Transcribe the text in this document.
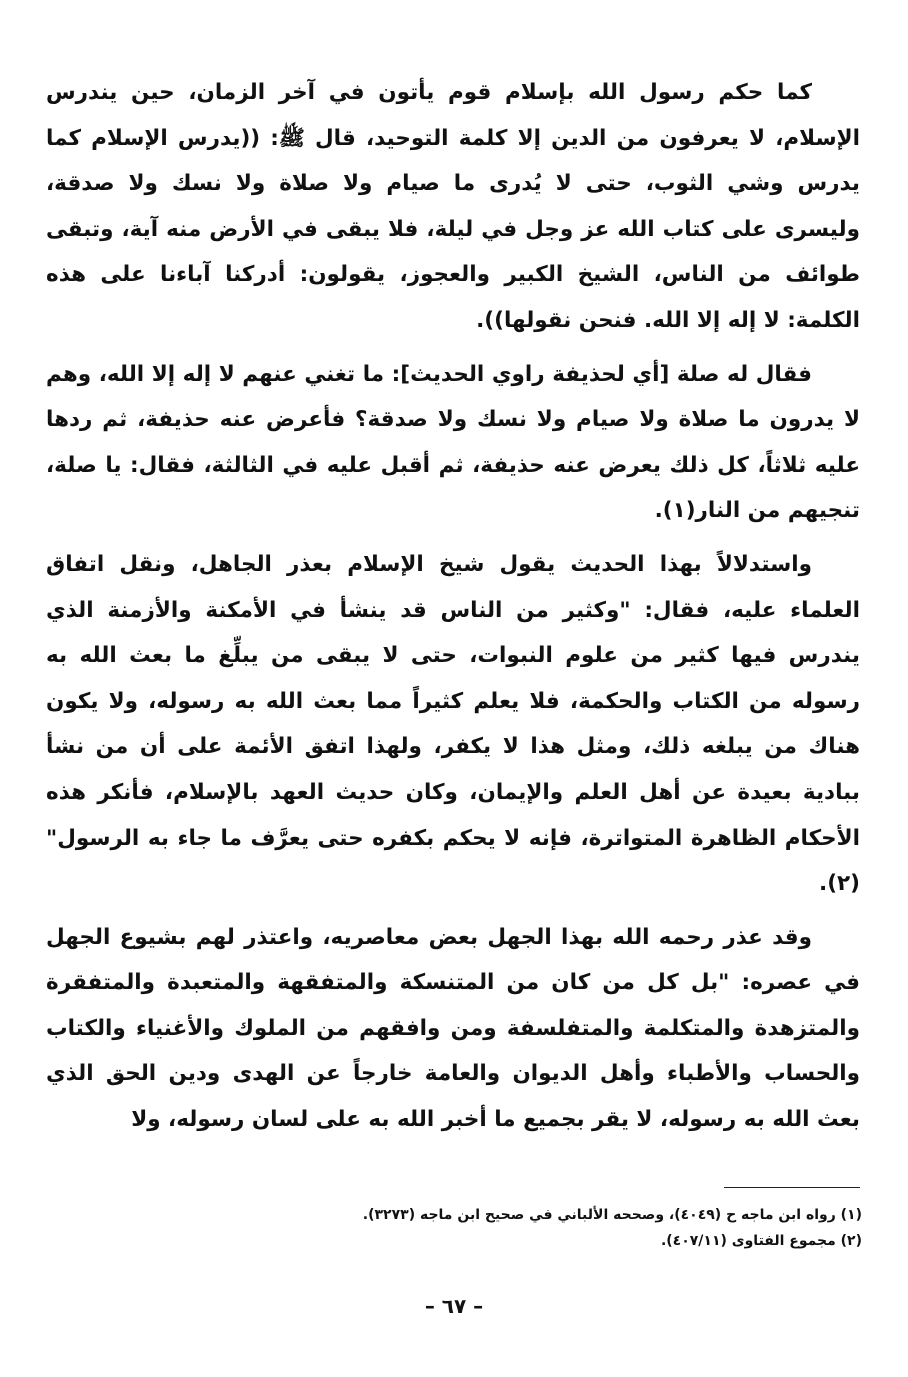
كما حكم رسول الله بإسلام قوم يأتون في آخر الزمان، حين يندرس الإسلام، لا يعرفون من الدين إلا كلمة التوحيد، قال ﷺ: ((يدرس الإسلام كما يدرس وشي الثوب، حتى لا يُدرى ما صيام ولا صلاة ولا نسك ولا صدقة، وليسرى على كتاب الله عز وجل في ليلة، فلا يبقى في الأرض منه آية، وتبقى طوائف من الناس، الشيخ الكبير والعجوز، يقولون: أدركنا آباءنا على هذه الكلمة: لا إله إلا الله. فنحن نقولها)).

فقال له صلة [أي لحذيفة راوي الحديث]: ما تغني عنهم لا إله إلا الله، وهم لا يدرون ما صلاة ولا صيام ولا نسك ولا صدقة؟ فأعرض عنه حذيفة، ثم ردها عليه ثلاثاً، كل ذلك يعرض عنه حذيفة، ثم أقبل عليه في الثالثة، فقال: يا صلة، تنجيهم من النار(١).

واستدلالاً بهذا الحديث يقول شيخ الإسلام بعذر الجاهل، ونقل اتفاق العلماء عليه، فقال: "وكثير من الناس قد ينشأ في الأمكنة والأزمنة الذي يندرس فيها كثير من علوم النبوات، حتى لا يبقى من يبلِّغ ما بعث الله به رسوله من الكتاب والحكمة، فلا يعلم كثيراً مما بعث الله به رسوله، ولا يكون هناك من يبلغه ذلك، ومثل هذا لا يكفر، ولهذا اتفق الأئمة على أن من نشأ ببادية بعيدة عن أهل العلم والإيمان، وكان حديث العهد بالإسلام، فأنكر هذه الأحكام الظاهرة المتواترة، فإنه لا يحكم بكفره حتى يعرَّف ما جاء به الرسول"(٢).

وقد عذر رحمه الله بهذا الجهل بعض معاصريه، واعتذر لهم بشيوع الجهل في عصره: "بل كل من كان من المتنسكة والمتفقهة والمتعبدة والمتفقرة والمتزهدة والمتكلمة والمتفلسفة ومن وافقهم من الملوك والأغنياء والكتاب والحساب والأطباء وأهل الديوان والعامة خارجاً عن الهدى ودين الحق الذي بعث الله به رسوله، لا يقر بجميع ما أخبر الله به على لسان رسوله، ولا

(١) رواه ابن ماجه ح (٤٠٤٩)، وصححه الألباني في صحيح ابن ماجه (٣٢٧٣).

(٢) مجموع الفتاوى (٤٠٧/١١).

– ٦٧ –
